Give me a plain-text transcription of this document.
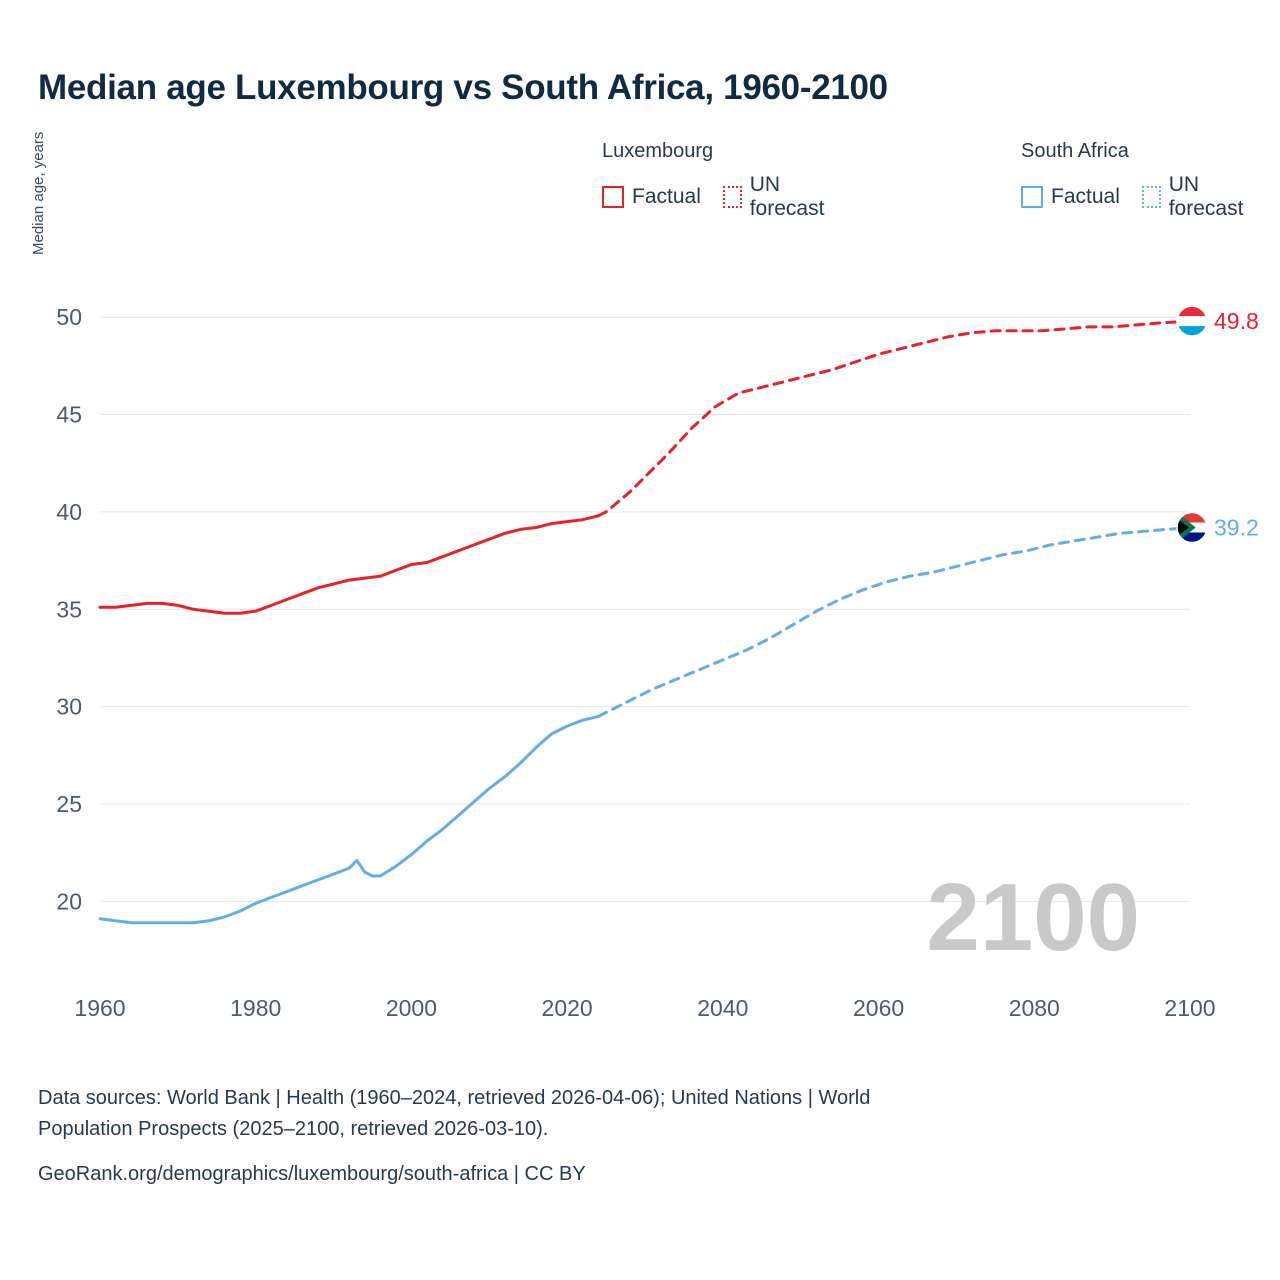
Median age Luxembourg vs South Africa, 1960-2100
Luxembourg
Factual
UN forecast
South Africa
Factual
UN forecast
Median age, years
20
25
30
35
40
45
50
1960	1980	2000	2020	2040	2060	2080	2100
2100
49.8
39.2
Data sources: World Bank | Health (1960–2024, retrieved 2026-04-06); United Nations | World
Population Prospects (2025–2100, retrieved 2026-03-10).
GeoRank.org/demographics/luxembourg/south-africa | CC BY
